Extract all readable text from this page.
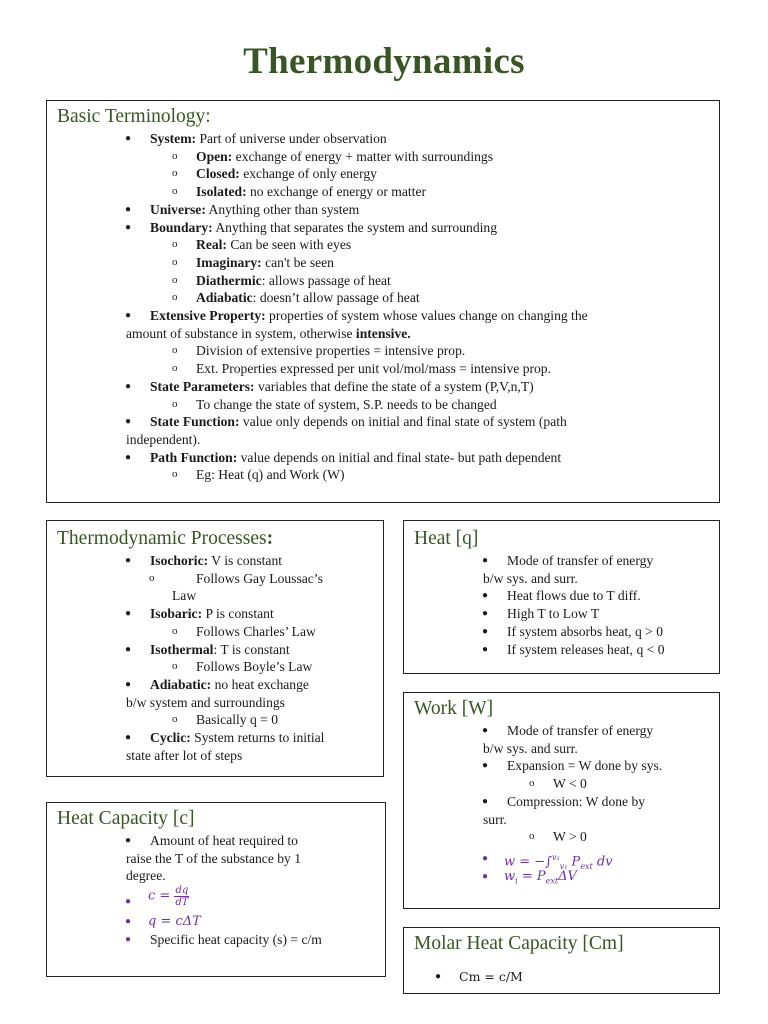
Thermodynamics
Basic Terminology:
● System: Part of universe under observation

o Open: exchange of energy + matter with surroundings

o Closed: exchange of only energy

o Isolated: no exchange of energy or matter

● Universe: Anything other than system

● Boundary: Anything that separates the system and surrounding

o Real: Can be seen with eyes

o Imaginary: can't be seen

o Diathermic: allows passage of heat

o Adiabatic: doesn’t allow passage of heat

● Extensive Property: properties of system whose values change on changing the

amount of substance in system, otherwise intensive.

o Division of extensive properties = intensive prop.

o Ext. Properties expressed per unit vol/mol/mass = intensive prop.

● State Parameters: variables that define the state of a system (P,V,n,T)

o To change the state of system, S.P. needs to be changed

● State Function: value only depends on initial and final state of system (path

independent).

● Path Function: value depends on initial and final state- but path dependent

o Eg: Heat (q) and Work (W)

Thermodynamic Processes:
● Isochoric: V is constant

o	Follows Gay Loussac’s

Law

● Isobaric: P is constant

o Follows Charles’ Law

● Isothermal: T is constant

o Follows Boyle’s Law

● Adiabatic: no heat exchange

b/w system and surroundings

o Basically q = 0

● Cyclic: System returns to initial

state after lot of steps

Heat [q]
● Mode of transfer of energy

b/w sys. and surr.

● Heat flows due to T diff.

● High T to Low T

● If system absorbs heat, q > 0

● If system releases heat, q < 0

Work [W]
● Mode of transfer of energy

b/w sys. and surr.

● Expansion = W done by sys.

o W < 0

● Compression: W done by

surr.

o W > 0

● w = −∫$^{v_2}_{v_1}$ $P_{ext}$ dv

● $w_i = P_{ext}\Delta V$

Heat Capacity [c]
● Amount of heat required to

raise the T of the substance by 1

degree.

● $c = \frac{dq}{dT}$

● q = cΔT

● Specific heat capacity (s) = c/m
	Molar Heat Capacity [Cm]
● Cm = c/M
